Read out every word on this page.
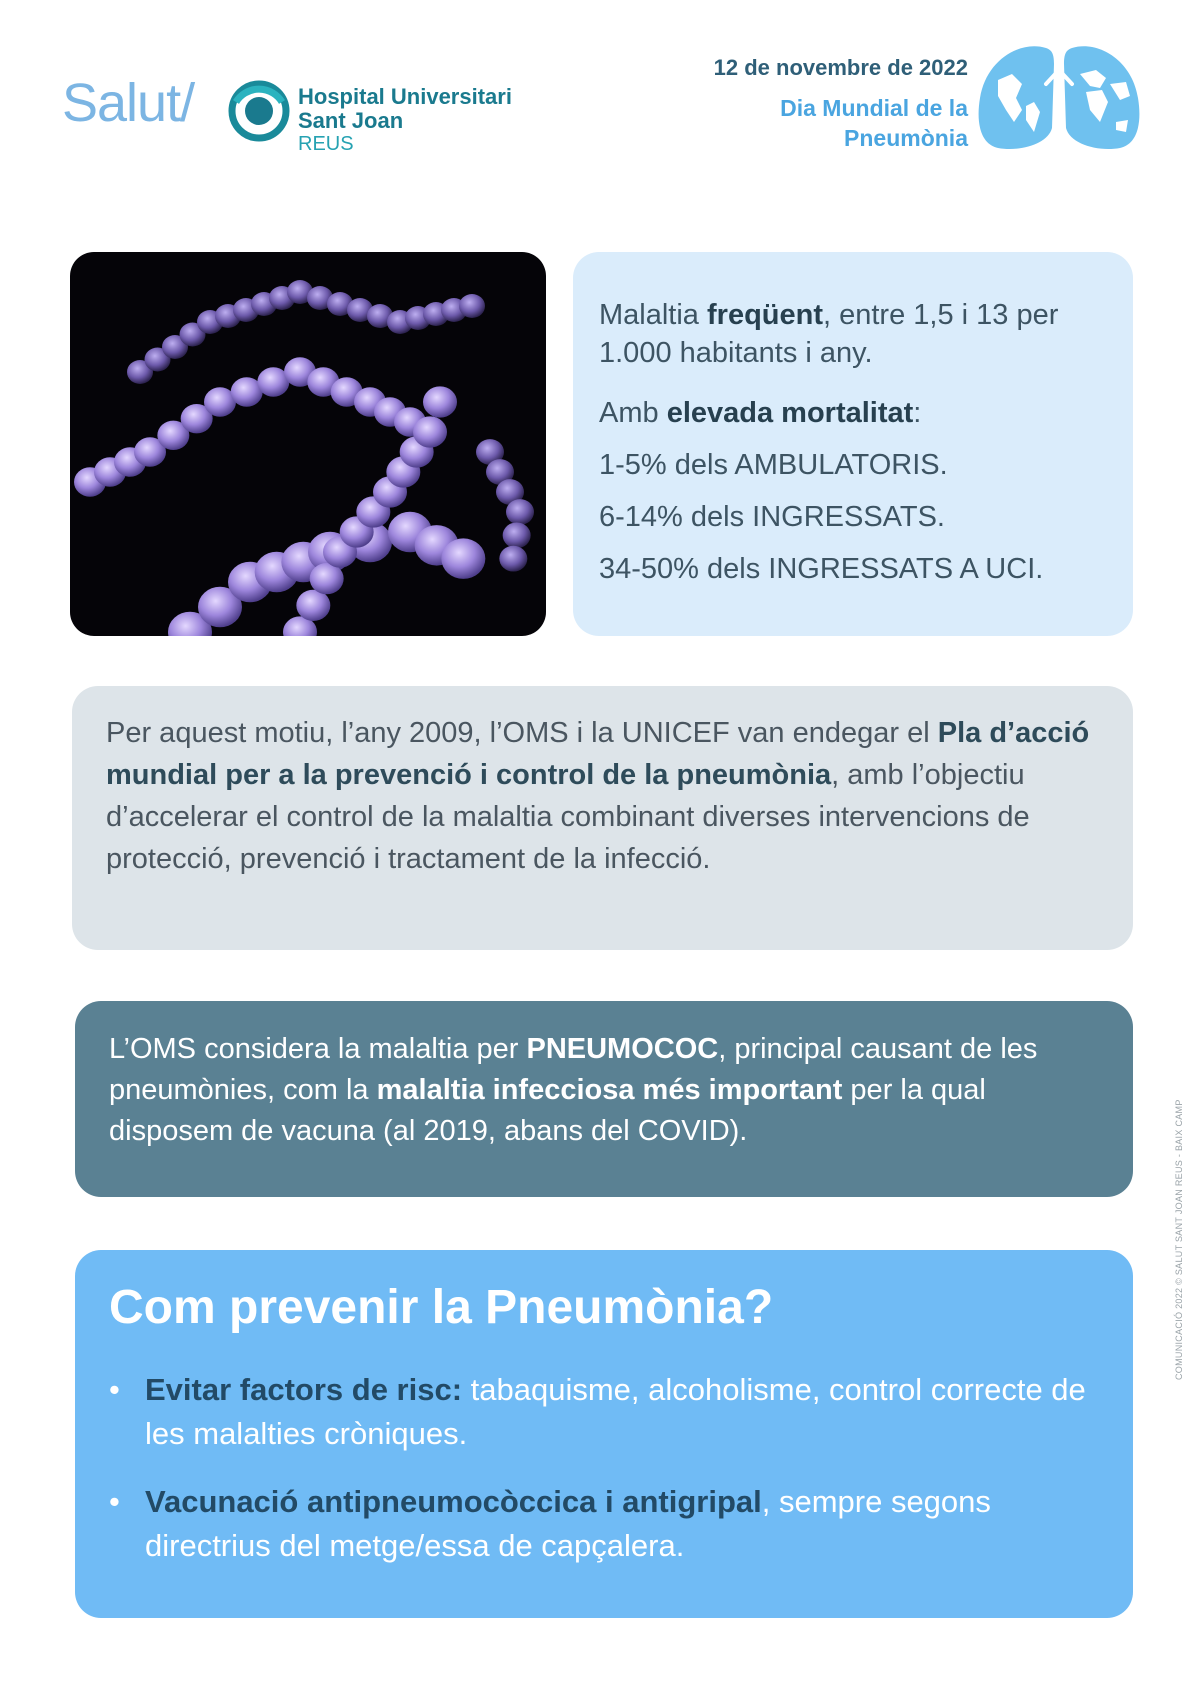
Salut/	Hospital Universitari
Sant Joan
REUS
12 de novembre de 2022
Dia Mundial de la Pneumònia

Malaltia freqüent, entre 1,5 i 13 per 1.000 habitants i any.

Amb elevada mortalitat:

1-5% dels AMBULATORIS.

6-14% dels INGRESSATS.

34-50% dels INGRESSATS A UCI.

Per aquest motiu, l’any 2009, l’OMS i la UNICEF van endegar el Pla d’acció mundial per a la prevenció i control de la pneumònia, amb l’objectiu d’accelerar el control de la malaltia combinant diverses intervencions de protecció, prevenció i tractament de la infecció.
L’OMS considera la malaltia per PNEUMOCOC, principal causant de les pneumònies, com la malaltia infecciosa més important per la qual disposem de vacuna (al 2019, abans del COVID).
Com prevenir la Pneumònia?
• Evitar factors de risc: tabaquisme, alcoholisme, control correcte de les malalties cròniques.
• Vacunació antipneumocòccica i antigripal, sempre segons directrius del metge/essa de capçalera.
COMUNICACIÓ 2022 © SALUT SANT JOAN REUS - BAIX CAMP
